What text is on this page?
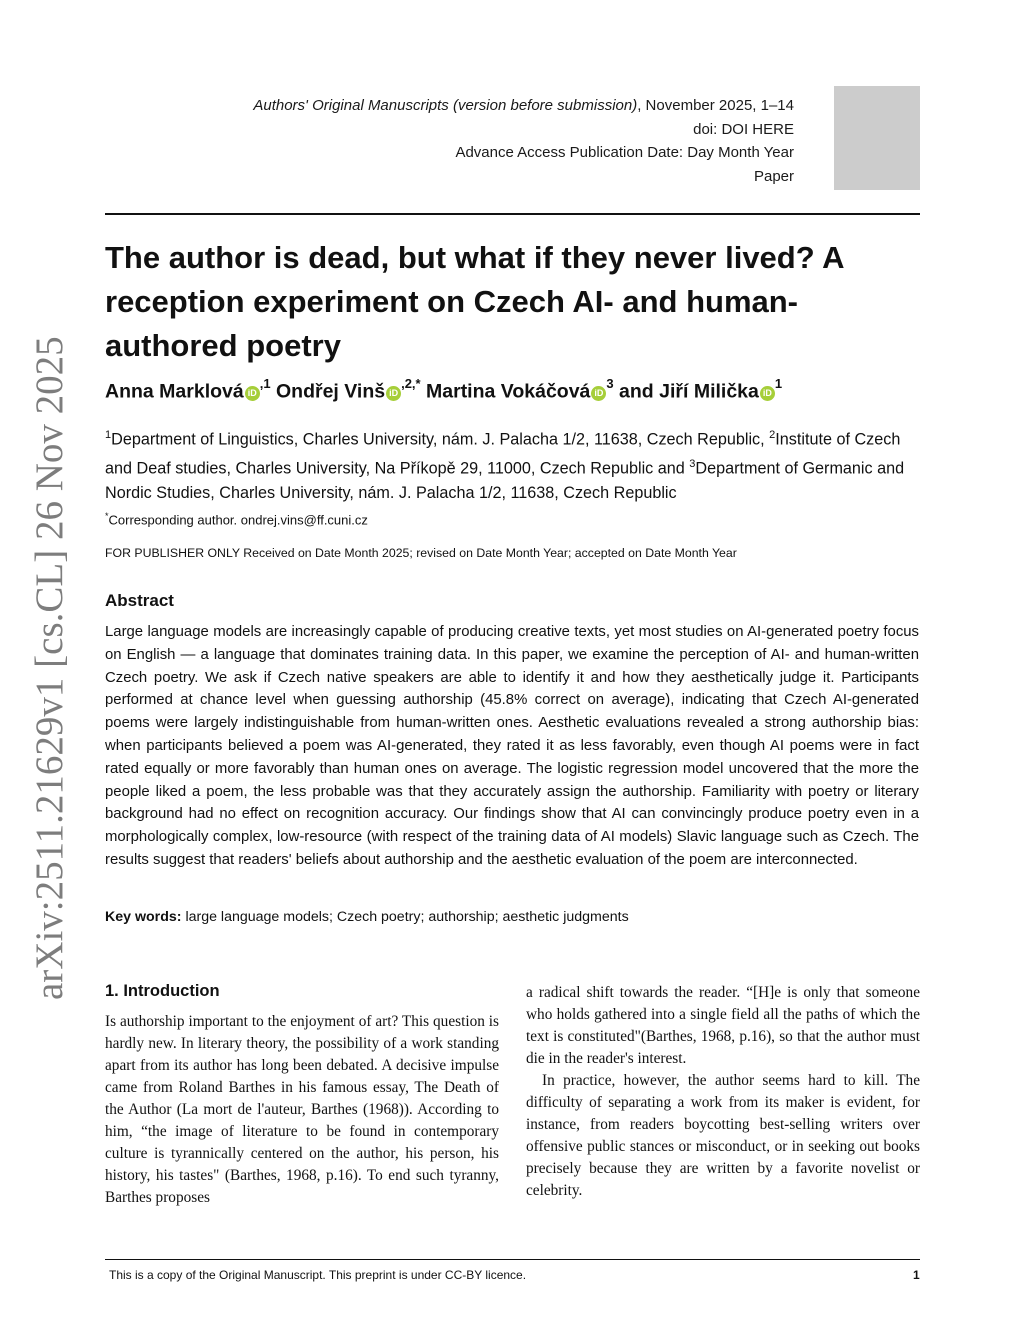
arXiv:2511.21629v1 [cs.CL] 26 Nov 2025
Authors' Original Manuscripts (version before submission), November 2025, 1–14
doi: DOI HERE
Advance Access Publication Date: Day Month Year
Paper
The author is dead, but what if they never lived? A reception experiment on Czech AI- and human-authored poetry
Anna Marklová $iD^{,1}$ Ondřej Vinš $iD^{,2,*}$ Martina Vokáčová $iD^3$ and Jiří Milička $iD^1$
$^1$Department of Linguistics, Charles University, nám. J. Palacha 1/2, 11638, Czech Republic, $^2$Institute of Czech and Deaf studies, Charles University, Na Příkopě 29, 11000, Czech Republic and $^3$Department of Germanic and Nordic Studies, Charles University, nám. J. Palacha 1/2, 11638, Czech Republic
*Corresponding author. ondrej.vins@ff.cuni.cz
FOR PUBLISHER ONLY Received on Date Month 2025; revised on Date Month Year; accepted on Date Month Year
Abstract
Large language models are increasingly capable of producing creative texts, yet most studies on AI-generated poetry focus on English — a language that dominates training data. In this paper, we examine the perception of AI- and human-written Czech poetry. We ask if Czech native speakers are able to identify it and how they aesthetically judge it. Participants performed at chance level when guessing authorship (45.8% correct on average), indicating that Czech AI-generated poems were largely indistinguishable from human-written ones. Aesthetic evaluations revealed a strong authorship bias: when participants believed a poem was AI-generated, they rated it as less favorably, even though AI poems were in fact rated equally or more favorably than human ones on average. The logistic regression model uncovered that the more the people liked a poem, the less probable was that they accurately assign the authorship. Familiarity with poetry or literary background had no effect on recognition accuracy. Our findings show that AI can convincingly produce poetry even in a morphologically complex, low-resource (with respect of the training data of AI models) Slavic language such as Czech. The results suggest that readers' beliefs about authorship and the aesthetic evaluation of the poem are interconnected.
Key words: large language models; Czech poetry; authorship; aesthetic judgments
1. Introduction

Is authorship important to the enjoyment of art? This question is hardly new. In literary theory, the possibility of a work standing apart from its author has long been debated. A decisive impulse came from Roland Barthes in his famous essay, The Death of the Author (La mort de l'auteur, Barthes (1968)). According to him, “the image of literature to be found in contemporary culture is tyrannically centered on the author, his person, his history, his tastes" (Barthes, 1968, p.16). To end such tyranny, Barthes proposes

a radical shift towards the reader. “[H]e is only that someone who holds gathered into a single field all the paths of which the text is constituted"(Barthes, 1968, p.16), so that the author must die in the reader's interest.

In practice, however, the author seems hard to kill. The difficulty of separating a work from its maker is evident, for instance, from readers boycotting best-selling writers over offensive public stances or misconduct, or in seeking out books precisely because they are written by a favorite novelist or celebrity.

This is a copy of the Original Manuscript. This preprint is under CC-BY licence.	1
